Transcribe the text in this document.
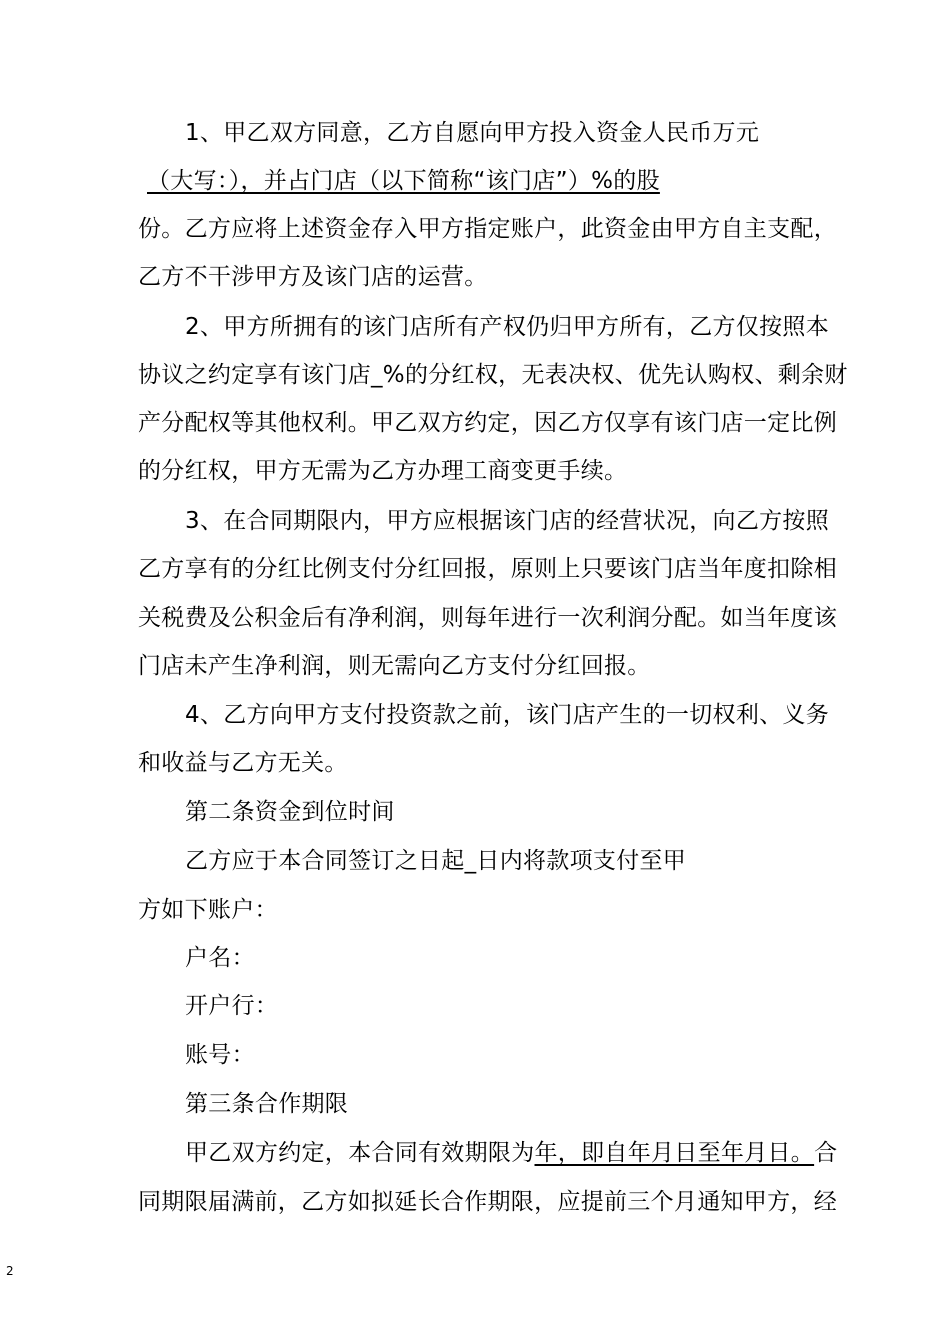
1、甲乙双方同意，乙方自愿向甲方投入资金人民币万元
（大写：），并占门店（以下简称“该门店”）%的股
份。乙方应将上述资金存入甲方指定账户，此资金由甲方自主支配，
乙方不干涉甲方及该门店的运营。
2、甲方所拥有的该门店所有产权仍归甲方所有，乙方仅按照本
协议之约定享有该门店_%的分红权，无表决权、优先认购权、剩余财
产分配权等其他权利。甲乙双方约定，因乙方仅享有该门店一定比例
的分红权，甲方无需为乙方办理工商变更手续。
3、在合同期限内，甲方应根据该门店的经营状况，向乙方按照
乙方享有的分红比例支付分红回报，原则上只要该门店当年度扣除相
关税费及公积金后有净利润，则每年进行一次利润分配。如当年度该
门店未产生净利润，则无需向乙方支付分红回报。
4、乙方向甲方支付投资款之前，该门店产生的一切权利、义务
和收益与乙方无关。
第二条资金到位时间
乙方应于本合同签订之日起_日内将款项支付至甲
方如下账户：
户名：
开户行：
账号：
第三条合作期限
甲乙双方约定，本合同有效期限为年，即自年月日至年月日。合
同期限届满前，乙方如拟延长合作期限，应提前三个月通知甲方，经
2
